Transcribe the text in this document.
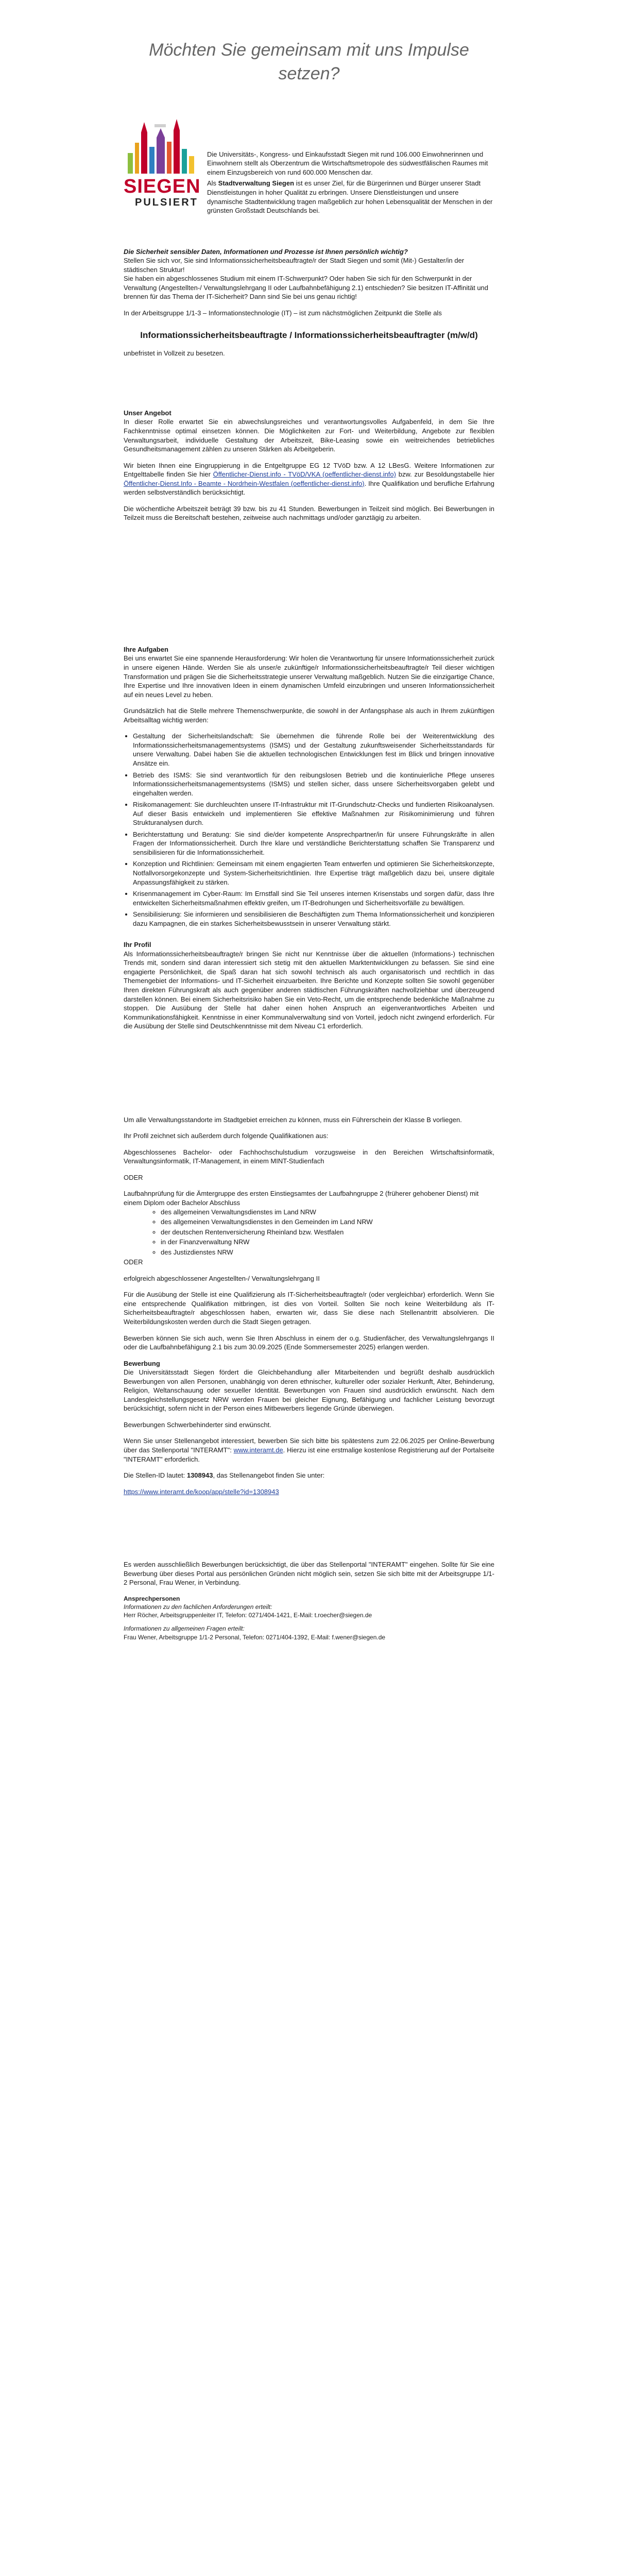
Möchten Sie gemeinsam mit uns Impulse setzen?
SIEGEN
PULSIERT

Die Universitäts-, Kongress- und Einkaufsstadt Siegen mit rund 106.000 Einwohnerinnen und Einwohnern stellt als Oberzentrum die Wirtschaftsmetropole des südwestfälischen Raumes mit einem Einzugsbereich von rund 600.000 Menschen dar.

Als Stadtverwaltung Siegen ist es unser Ziel, für die Bürgerinnen und Bürger unserer Stadt Dienstleistungen in hoher Qualität zu erbringen. Unsere Dienstleistungen und unsere dynamische Stadtentwicklung tragen maßgeblich zur hohen Lebensqualität der Menschen in der grünsten Großstadt Deutschlands bei.

Die Sicherheit sensibler Daten, Informationen und Prozesse ist Ihnen persönlich wichtig?

Stellen Sie sich vor, Sie sind Informationssicherheitsbeauftragte/r der Stadt Siegen und somit (Mit-) Gestalter/in der städtischen Struktur!

Sie haben ein abgeschlossenes Studium mit einem IT-Schwerpunkt? Oder haben Sie sich für den Schwerpunkt in der Verwaltung (Angestellten-/ Verwaltungslehrgang II oder Laufbahnbefähigung 2.1) entschieden? Sie besitzen IT-Affinität und brennen für das Thema der IT-Sicherheit? Dann sind Sie bei uns genau richtig!

In der Arbeitsgruppe 1/1-3 – Informationstechnologie (IT) – ist zum nächstmöglichen Zeitpunkt die Stelle als

Informationssicherheitsbeauftragte / Informationssicherheitsbeauftragter (m/w/d)

unbefristet in Vollzeit zu besetzen.

Unser Angebot

In dieser Rolle erwartet Sie ein abwechslungsreiches und verantwortungsvolles Aufgabenfeld, in dem Sie Ihre Fachkenntnisse optimal einsetzen können. Die Möglichkeiten zur Fort- und Weiterbildung, Angebote zur flexiblen Verwaltungsarbeit, individuelle Gestaltung der Arbeitszeit, Bike-Leasing sowie ein weitreichendes betriebliches Gesundheitsmanagement zählen zu unseren Stärken als Arbeitgeberin.

Wir bieten Ihnen eine Eingruppierung in die Entgeltgruppe EG 12 TVöD bzw. A 12 LBesG. Weitere Informationen zur Entgelttabelle finden Sie hier Öffentlicher-Dienst.info - TVöD/VKA (oeffentlicher-dienst.info) bzw. zur Besoldungstabelle hier Öffentlicher-Dienst.Info - Beamte - Nordrhein-Westfalen (oeffentlicher-dienst.info). Ihre Qualifikation und berufliche Erfahrung werden selbstverständlich berücksichtigt.

Die wöchentliche Arbeitszeit beträgt 39 bzw. bis zu 41 Stunden. Bewerbungen in Teilzeit sind möglich. Bei Bewerbungen in Teilzeit muss die Bereitschaft bestehen, zeitweise auch nachmittags und/oder ganztägig zu arbeiten.

Ihre Aufgaben

Bei uns erwartet Sie eine spannende Herausforderung: Wir holen die Verantwortung für unsere Informationssicherheit zurück in unsere eigenen Hände. Werden Sie als unser/e zukünftige/r Informationssicherheitsbeauftragte/r Teil dieser wichtigen Transformation und prägen Sie die Sicherheitsstrategie unserer Verwaltung maßgeblich. Nutzen Sie die einzigartige Chance, Ihre Expertise und Ihre innovativen Ideen in einem dynamischen Umfeld einzubringen und unseren Informationssicherheit auf ein neues Level zu heben.

Grundsätzlich hat die Stelle mehrere Themenschwerpunkte, die sowohl in der Anfangsphase als auch in Ihrem zukünftigen Arbeitsalltag wichtig werden:

• Gestaltung der Sicherheitslandschaft: Sie übernehmen die führende Rolle bei der Weiterentwicklung des Informationssicherheitsmanagementsystems (ISMS) und der Gestaltung zukunftsweisender Sicherheitsstandards für unsere Verwaltung. Dabei haben Sie die aktuellen technologischen Entwicklungen fest im Blick und bringen innovative Ansätze ein.
• Betrieb des ISMS: Sie sind verantwortlich für den reibungslosen Betrieb und die kontinuierliche Pflege unseres Informationssicherheitsmanagementsystems (ISMS) und stellen sicher, dass unsere Sicherheitsvorgaben gelebt und eingehalten werden.
• Risikomanagement: Sie durchleuchten unsere IT-Infrastruktur mit IT-Grundschutz-Checks und fundierten Risikoanalysen. Auf dieser Basis entwickeln und implementieren Sie effektive Maßnahmen zur Risikominimierung und führen Strukturanalysen durch.
• Berichterstattung und Beratung: Sie sind die/der kompetente Ansprechpartner/in für unsere Führungskräfte in allen Fragen der Informationssicherheit. Durch Ihre klare und verständliche Berichterstattung schaffen Sie Transparenz und sensibilisieren für die Informationssicherheit.
• Konzeption und Richtlinien: Gemeinsam mit einem engagierten Team entwerfen und optimieren Sie Sicherheitskonzepte, Notfallvorsorgekonzepte und System-Sicherheitsrichtlinien. Ihre Expertise trägt maßgeblich dazu bei, unsere digitale Anpassungsfähigkeit zu stärken.
• Krisenmanagement im Cyber-Raum: Im Ernstfall sind Sie Teil unseres internen Krisenstabs und sorgen dafür, dass Ihre entwickelten Sicherheitsmaßnahmen effektiv greifen, um IT-Bedrohungen und Sicherheitsvorfälle zu bewältigen.
• Sensibilisierung: Sie informieren und sensibilisieren die Beschäftigten zum Thema Informationssicherheit und konzipieren dazu Kampagnen, die ein starkes Sicherheitsbewusstsein in unserer Verwaltung stärkt.
Ihr Profil

Als Informationssicherheitsbeauftragte/r bringen Sie nicht nur Kenntnisse über die aktuellen (Informations-) technischen Trends mit, sondern sind daran interessiert sich stetig mit den aktuellen Marktentwicklungen zu befassen. Sie sind eine engagierte Persönlichkeit, die Spaß daran hat sich sowohl technisch als auch organisatorisch und rechtlich in das Themengebiet der Informations- und IT-Sicherheit einzuarbeiten. Ihre Berichte und Konzepte sollten Sie sowohl gegenüber Ihren direkten Führungskraft als auch gegenüber anderen städtischen Führungskräften nachvollziehbar und überzeugend darstellen können. Bei einem Sicherheitsrisiko haben Sie ein Veto-Recht, um die entsprechende bedenkliche Maßnahme zu stoppen. Die Ausübung der Stelle hat daher einen hohen Anspruch an eigenverantwortliches Arbeiten und Kommunikationsfähigkeit. Kenntnisse in einer Kommunalverwaltung sind von Vorteil, jedoch nicht zwingend erforderlich. Für die Ausübung der Stelle sind Deutschkenntnisse mit dem Niveau C1 erforderlich.

Um alle Verwaltungsstandorte im Stadtgebiet erreichen zu können, muss ein Führerschein der Klasse B vorliegen.

Ihr Profil zeichnet sich außerdem durch folgende Qualifikationen aus:

Abgeschlossenes Bachelor- oder Fachhochschulstudium vorzugsweise in den Bereichen Wirtschaftsinformatik, Verwaltungsinformatik, IT-Management, in einem MINT-Studienfach

ODER

Laufbahnprüfung für die Ämtergruppe des ersten Einstiegsamtes der Laufbahngruppe 2 (früherer gehobener Dienst) mit einem Diplom oder Bachelor Abschluss

◦ des allgemeinen Verwaltungsdienstes im Land NRW
◦ des allgemeinen Verwaltungsdienstes in den Gemeinden im Land NRW
◦ der deutschen Rentenversicherung Rheinland bzw. Westfalen
◦ in der Finanzverwaltung NRW
◦ des Justizdienstes NRW

ODER

erfolgreich abgeschlossener Angestellten-/ Verwaltungslehrgang II

Für die Ausübung der Stelle ist eine Qualifizierung als IT-Sicherheitsbeauftragte/r (oder vergleichbar) erforderlich. Wenn Sie eine entsprechende Qualifikation mitbringen, ist dies von Vorteil. Sollten Sie noch keine Weiterbildung als IT-Sicherheitsbeauftragte/r abgeschlossen haben, erwarten wir, dass Sie diese nach Stellenantritt absolvieren. Die Weiterbildungskosten werden durch die Stadt Siegen getragen.

Bewerben können Sie sich auch, wenn Sie Ihren Abschluss in einem der o.g. Studienfächer, des Verwaltungslehrgangs II oder die Laufbahnbefähigung 2.1 bis zum 30.09.2025 (Ende Sommersemester 2025) erlangen werden.

Bewerbung

Die Universitätsstadt Siegen fördert die Gleichbehandlung aller Mitarbeitenden und begrüßt deshalb ausdrücklich Bewerbungen von allen Personen, unabhängig von deren ethnischer, kultureller oder sozialer Herkunft, Alter, Behinderung, Religion, Weltanschauung oder sexueller Identität. Bewerbungen von Frauen sind ausdrücklich erwünscht. Nach dem Landesgleichstellungsgesetz NRW werden Frauen bei gleicher Eignung, Befähigung und fachlicher Leistung bevorzugt berücksichtigt, sofern nicht in der Person eines Mitbewerbers liegende Gründe überwiegen.

Bewerbungen Schwerbehinderter sind erwünscht.

Wenn Sie unser Stellenangebot interessiert, bewerben Sie sich bitte bis spätestens zum 22.06.2025 per Online-Bewerbung über das Stellenportal "INTERAMT": www.interamt.de. Hierzu ist eine erstmalige kostenlose Registrierung auf der Portalseite "INTERAMT" erforderlich.

Die Stellen-ID lautet: 1308943, das Stellenangebot finden Sie unter:

https://www.interamt.de/koop/app/stelle?id=1308943

Es werden ausschließlich Bewerbungen berücksichtigt, die über das Stellenportal "INTERAMT" eingehen. Sollte für Sie eine Bewerbung über dieses Portal aus persönlichen Gründen nicht möglich sein, setzen Sie sich bitte mit der Arbeitsgruppe 1/1-2 Personal, Frau Wener, in Verbindung.

Ansprechpersonen
Informationen zu den fachlichen Anforderungen erteilt:
Herr Röcher, Arbeitsgruppenleiter IT, Telefon: 0271/404-1421, E-Mail: t.roecher@siegen.de
Informationen zu allgemeinen Fragen erteilt:
Frau Wener, Arbeitsgruppe 1/1-2 Personal, Telefon: 0271/404-1392, E-Mail: f.wener@siegen.de
